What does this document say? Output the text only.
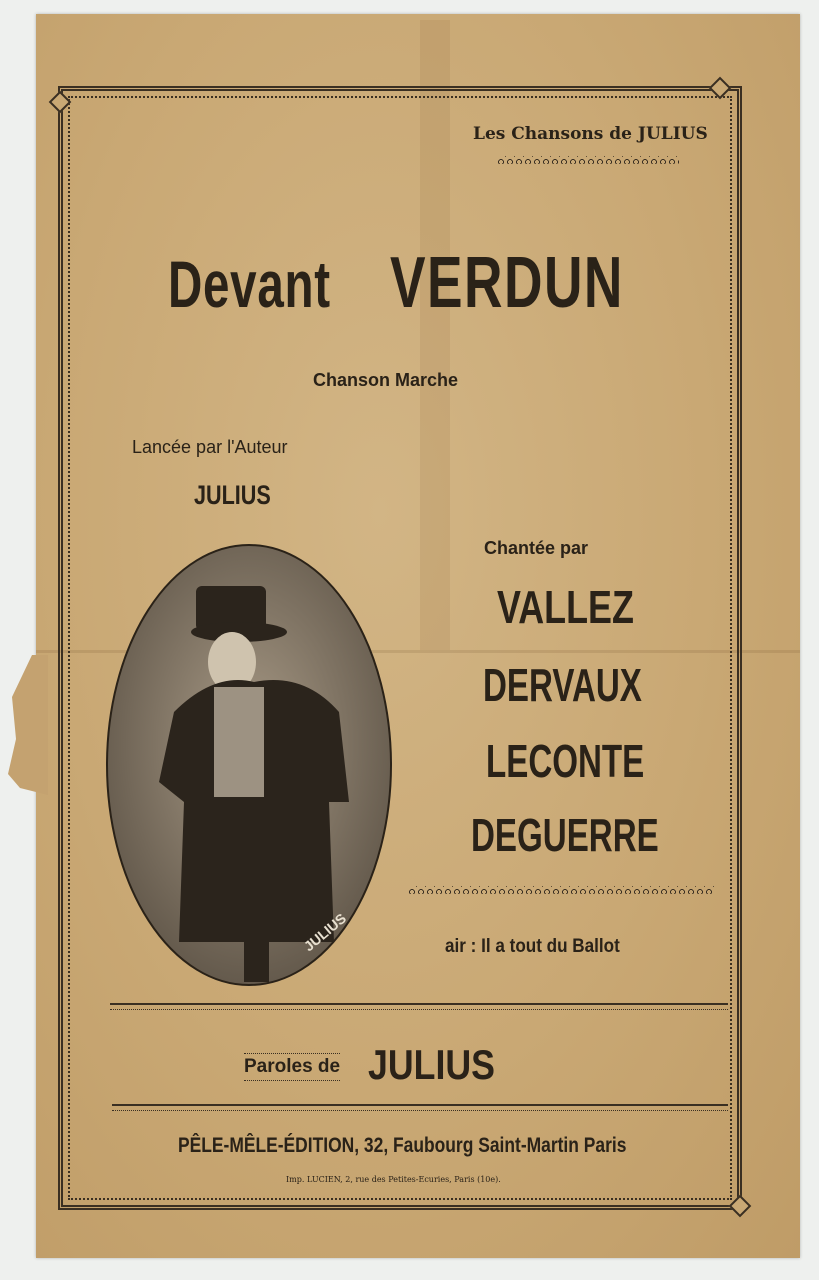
Les Chansons de JULIUS
Devant VERDUN
Chanson Marche
Lancée par l'Auteur
JULIUS
JULIUS
Chantée par
VALLEZ
DERVAUX
LECONTE
DEGUERRE
air : Il a tout du Ballot
Paroles de JULIUS
PÊLE-MÊLE-ÉDITION, 32, Faubourg Saint-Martin Paris
Imp. LUCIEN, 2, rue des Petites-Ecuries, Paris (10e).
